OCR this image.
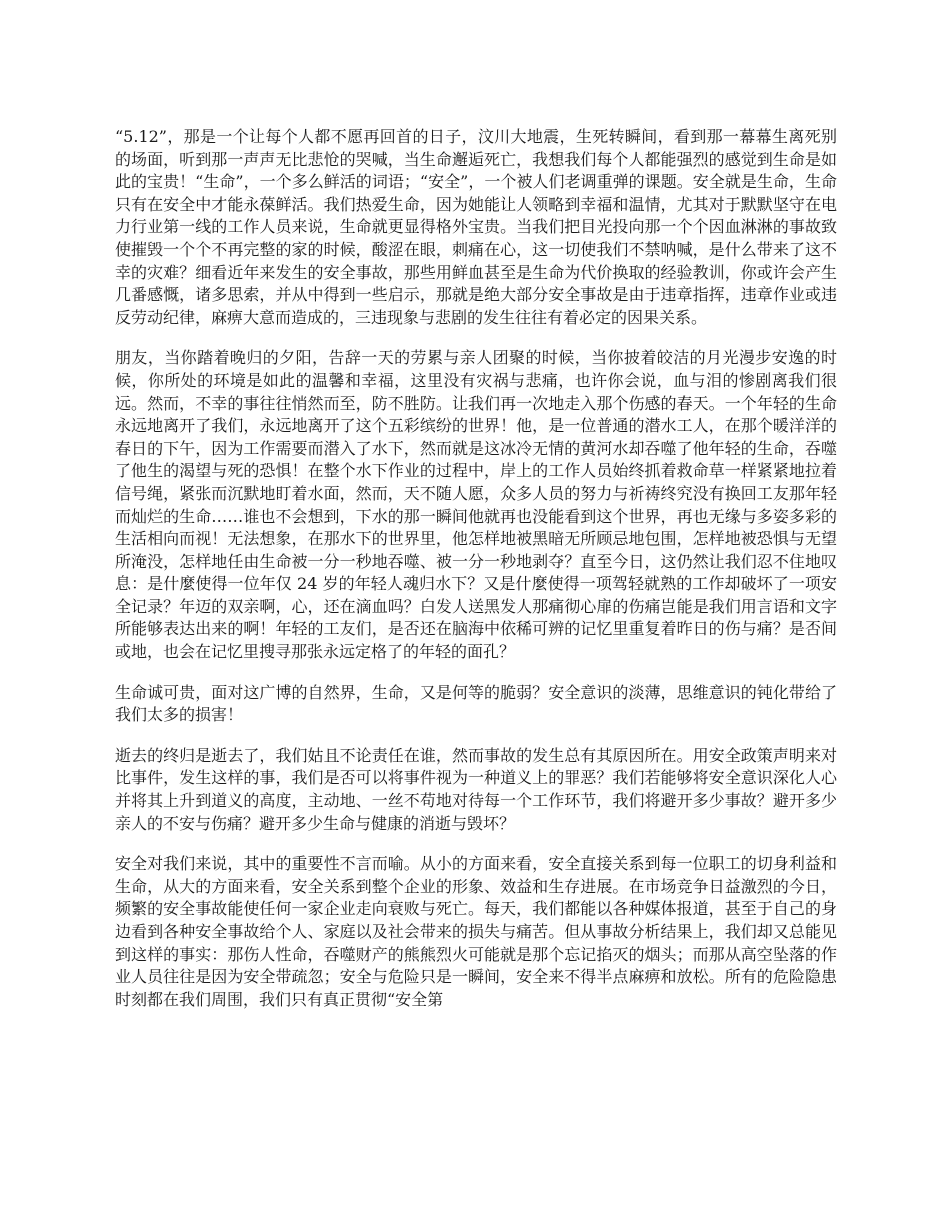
“5.12”，那是一个让每个人都不愿再回首的日子，汶川大地震，生死转瞬间，看到那一幕幕生离死别的场面，听到那一声声无比悲怆的哭喊，当生命邂逅死亡，我想我们每个人都能强烈的感觉到生命是如此的宝贵！“生命”，一个多么鲜活的词语；“安全”，一个被人们老调重弹的课题。安全就是生命，生命只有在安全中才能永葆鲜活。我们热爱生命，因为她能让人领略到幸福和温情，尤其对于默默坚守在电力行业第一线的工作人员来说，生命就更显得格外宝贵。当我们把目光投向那一个个因血淋淋的事故致使摧毁一个个不再完整的家的时候，酸涩在眼，刺痛在心，这一切使我们不禁呐喊，是什么带来了这不幸的灾难？细看近年来发生的安全事故，那些用鲜血甚至是生命为代价换取的经验教训，你或许会产生几番感慨，诸多思索，并从中得到一些启示，那就是绝大部分安全事故是由于违章指挥，违章作业或违反劳动纪律，麻痹大意而造成的，三违现象与悲剧的发生往往有着必定的因果关系。

朋友，当你踏着晚归的夕阳，告辞一天的劳累与亲人团聚的时候，当你披着皎洁的月光漫步安逸的时候，你所处的环境是如此的温馨和幸福，这里没有灾祸与悲痛，也许你会说，血与泪的惨剧离我们很远。然而，不幸的事往往悄然而至，防不胜防。让我们再一次地走入那个伤感的春天。一个年轻的生命永远地离开了我们，永远地离开了这个五彩缤纷的世界！他，是一位普通的潜水工人，在那个暖洋洋的春日的下午，因为工作需要而潜入了水下，然而就是这冰冷无情的黄河水却吞噬了他年轻的生命，吞噬了他生的渴望与死的恐惧！在整个水下作业的过程中，岸上的工作人员始终抓着救命草一样紧紧地拉着信号绳，紧张而沉默地盯着水面，然而，天不随人愿，众多人员的努力与祈祷终究没有换回工友那年轻而灿烂的生命……谁也不会想到，下水的那一瞬间他就再也没能看到这个世界，再也无缘与多姿多彩的生活相向而视！无法想象，在那水下的世界里，他怎样地被黑暗无所顾忌地包围，怎样地被恐惧与无望所淹没，怎样地任由生命被一分一秒地吞噬、被一分一秒地剥夺？直至今日，这仍然让我们忍不住地叹息：是什麼使得一位年仅 24 岁的年轻人魂归水下？又是什麼使得一项驾轻就熟的工作却破坏了一项安全记录？年迈的双亲啊，心，还在滴血吗？白发人送黑发人那痛彻心扉的伤痛岂能是我们用言语和文字所能够表达出来的啊！年轻的工友们，是否还在脑海中依稀可辨的记忆里重复着昨日的伤与痛？是否间或地，也会在记忆里搜寻那张永远定格了的年轻的面孔？

生命诚可贵，面对这广博的自然界，生命，又是何等的脆弱？安全意识的淡薄，思维意识的钝化带给了我们太多的损害！

逝去的终归是逝去了，我们姑且不论责任在谁，然而事故的发生总有其原因所在。用安全政策声明来对比事件，发生这样的事，我们是否可以将事件视为一种道义上的罪恶？我们若能够将安全意识深化人心并将其上升到道义的高度，主动地、一丝不苟地对待每一个工作环节，我们将避开多少事故？避开多少亲人的不安与伤痛？避开多少生命与健康的消逝与毁坏？

安全对我们来说，其中的重要性不言而喻。从小的方面来看，安全直接关系到每一位职工的切身利益和生命，从大的方面来看，安全关系到整个企业的形象、效益和生存进展。在市场竞争日益激烈的今日，频繁的安全事故能使任何一家企业走向衰败与死亡。每天，我们都能以各种媒体报道，甚至于自己的身边看到各种安全事故给个人、家庭以及社会带来的损失与痛苦。但从事故分析结果上，我们却又总能见到这样的事实：那伤人性命，吞噬财产的熊熊烈火可能就是那个忘记掐灭的烟头；而那从高空坠落的作业人员往往是因为安全带疏忽；安全与危险只是一瞬间，安全来不得半点麻痹和放松。所有的危险隐患时刻都在我们周围，我们只有真正贯彻“安全第
